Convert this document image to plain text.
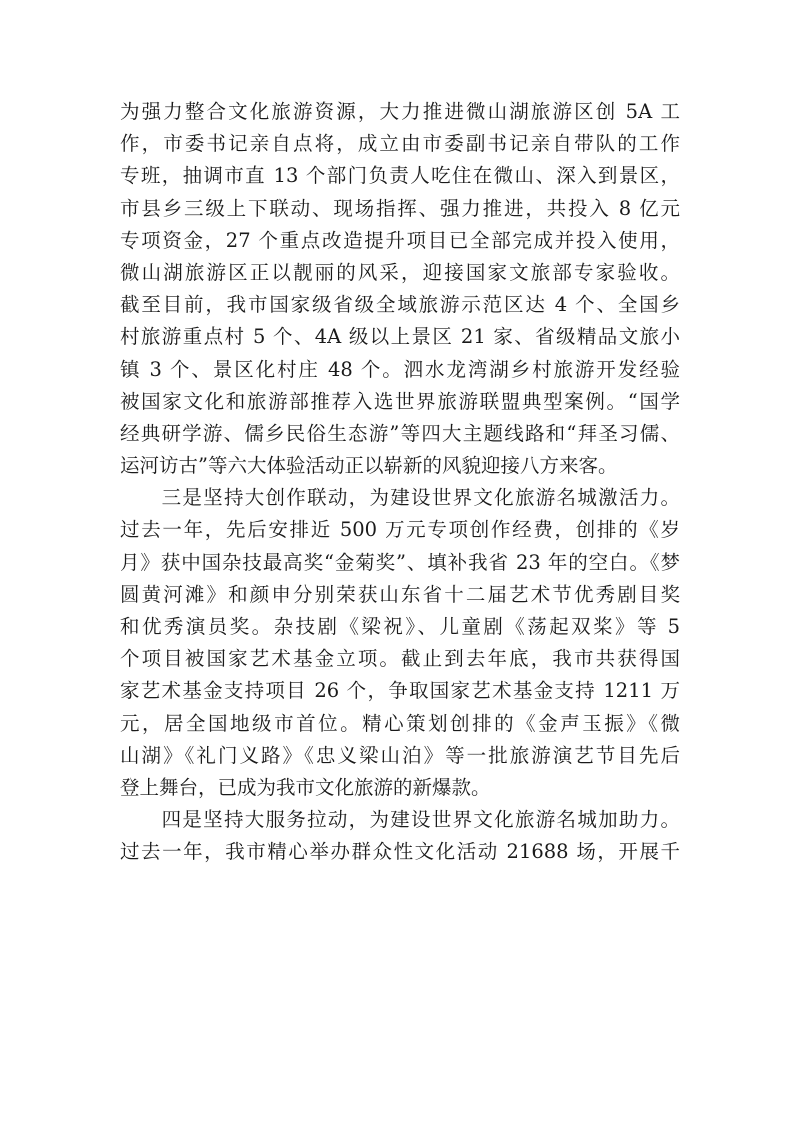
为强力整合文化旅游资源，大力推进微山湖旅游区创 5A 工
作，市委书记亲自点将，成立由市委副书记亲自带队的工作
专班，抽调市直 13 个部门负责人吃住在微山、深入到景区，
市县乡三级上下联动、现场指挥、强力推进，共投入 8 亿元
专项资金，27 个重点改造提升项目已全部完成并投入使用，
微山湖旅游区正以靓丽的风采，迎接国家文旅部专家验收。
截至目前，我市国家级省级全域旅游示范区达 4 个、全国乡
村旅游重点村 5 个、4A 级以上景区 21 家、省级精品文旅小
镇 3 个、景区化村庄 48 个。泗水龙湾湖乡村旅游开发经验
被国家文化和旅游部推荐入选世界旅游联盟典型案例。“国学
经典研学游、儒乡民俗生态游”等四大主题线路和“拜圣习儒、
运河访古”等六大体验活动正以崭新的风貌迎接八方来客。
　　三是坚持大创作联动，为建设世界文化旅游名城激活力。
过去一年，先后安排近 500 万元专项创作经费，创排的《岁
月》获中国杂技最高奖“金菊奖”、填补我省 23 年的空白。《梦
圆黄河滩》和颜申分别荣获山东省十二届艺术节优秀剧目奖
和优秀演员奖。杂技剧《梁祝》、儿童剧《荡起双桨》等 5
个项目被国家艺术基金立项。截止到去年底，我市共获得国
家艺术基金支持项目 26 个，争取国家艺术基金支持 1211 万
元，居全国地级市首位。精心策划创排的《金声玉振》《微
山湖》《礼门义路》《忠义梁山泊》等一批旅游演艺节目先后
登上舞台，已成为我市文化旅游的新爆款。
　　四是坚持大服务拉动，为建设世界文化旅游名城加助力。
过去一年，我市精心举办群众性文化活动 21688 场，开展千
